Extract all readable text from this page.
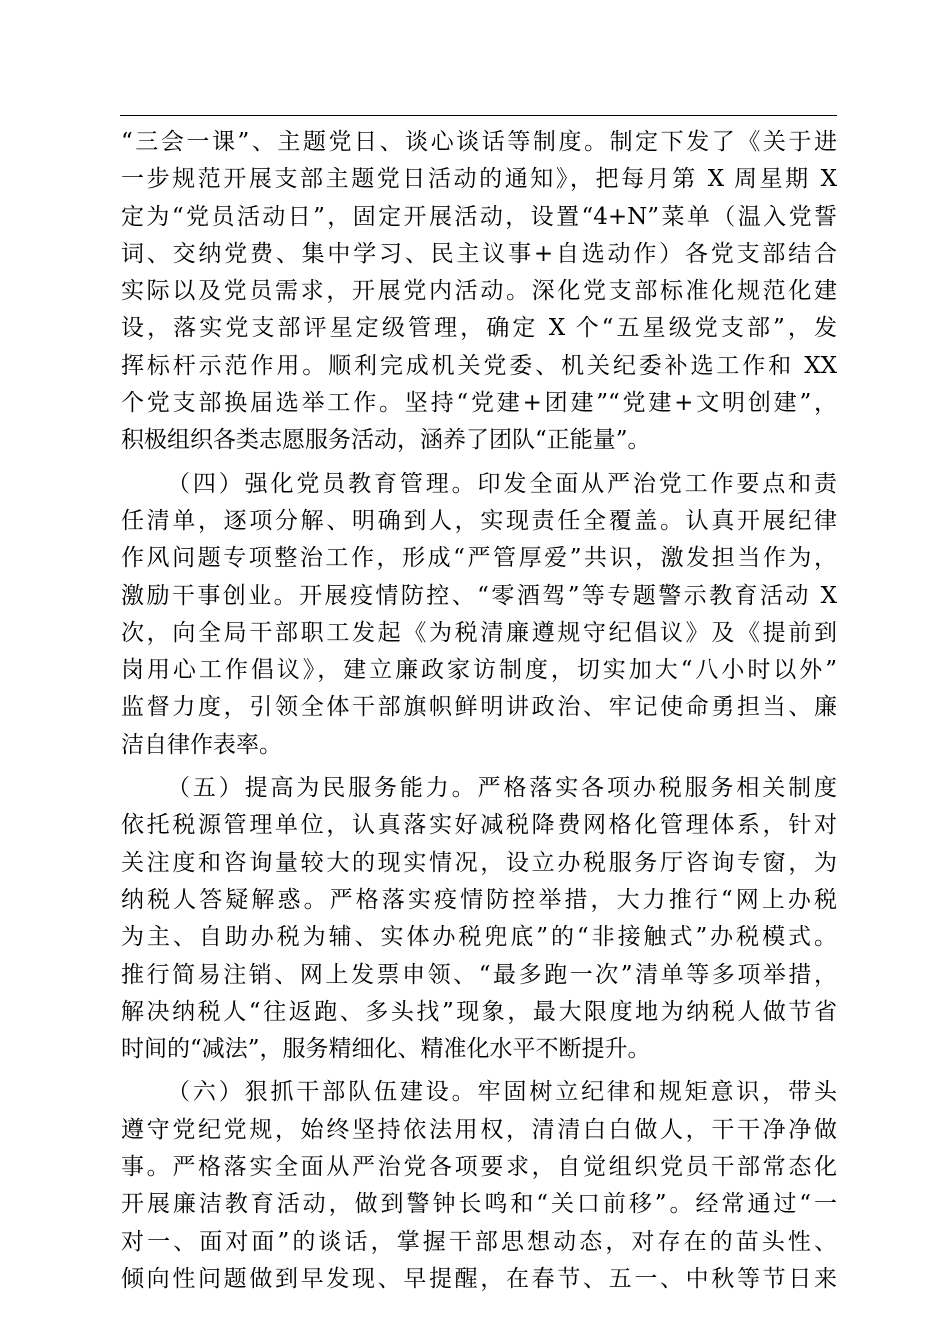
“三会一课”、主题党日、谈心谈话等制度。制定下发了《关于进
一步规范开展支部主题党日活动的通知》，把每月第 X 周星期 X
定为“党员活动日”，固定开展活动，设置“4+N”菜单（温入党誓
词、交纳党费、集中学习、民主议事+自选动作）各党支部结合
实际以及党员需求，开展党内活动。深化党支部标准化规范化建
设，落实党支部评星定级管理，确定 X 个“五星级党支部”，发
挥标杆示范作用。顺利完成机关党委、机关纪委补选工作和 XX
个党支部换届选举工作。坚持“党建+团建”“党建+文明创建”，
积极组织各类志愿服务活动，涵养了团队“正能量”。
（四）强化党员教育管理。印发全面从严治党工作要点和责
任清单，逐项分解、明确到人，实现责任全覆盖。认真开展纪律
作风问题专项整治工作，形成“严管厚爱”共识，激发担当作为，
激励干事创业。开展疫情防控、“零酒驾”等专题警示教育活动 X
次，向全局干部职工发起《为税清廉遵规守纪倡议》及《提前到
岗用心工作倡议》，建立廉政家访制度，切实加大“八小时以外”
监督力度，引领全体干部旗帜鲜明讲政治、牢记使命勇担当、廉
洁自律作表率。
（五）提高为民服务能力。严格落实各项办税服务相关制度
依托税源管理单位，认真落实好减税降费网格化管理体系，针对
关注度和咨询量较大的现实情况，设立办税服务厅咨询专窗，为
纳税人答疑解惑。严格落实疫情防控举措，大力推行“网上办税
为主、自助办税为辅、实体办税兜底”的“非接触式”办税模式。
推行简易注销、网上发票申领、“最多跑一次”清单等多项举措，
解决纳税人“往返跑、多头找”现象，最大限度地为纳税人做节省
时间的“减法”，服务精细化、精准化水平不断提升。
（六）狠抓干部队伍建设。牢固树立纪律和规矩意识，带头
遵守党纪党规，始终坚持依法用权，清清白白做人，干干净净做
事。严格落实全面从严治党各项要求，自觉组织党员干部常态化
开展廉洁教育活动，做到警钟长鸣和“关口前移”。经常通过“一
对一、面对面”的谈话，掌握干部思想动态，对存在的苗头性、
倾向性问题做到早发现、早提醒，在春节、五一、中秋等节日来
